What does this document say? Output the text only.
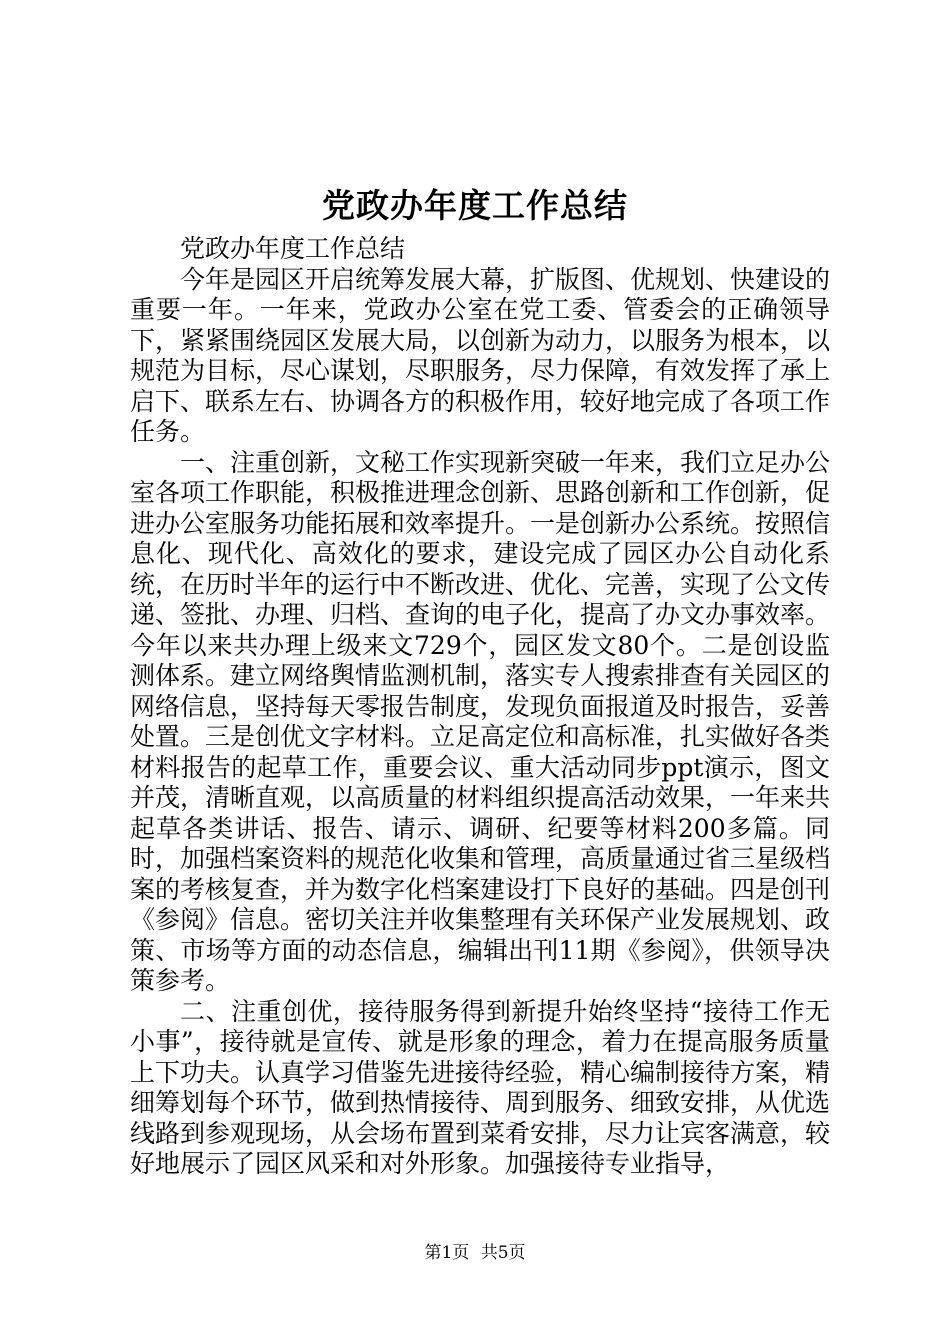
党政办年度工作总结

党政办年度工作总结

今年是园区开启统筹发展大幕，扩版图、优规划、快建设的重要一年。一年来，党政办公室在党工委、管委会的正确领导下，紧紧围绕园区发展大局，以创新为动力，以服务为根本，以规范为目标，尽心谋划，尽职服务，尽力保障，有效发挥了承上启下、联系左右、协调各方的积极作用，较好地完成了各项工作任务。

一、注重创新，文秘工作实现新突破一年来，我们立足办公室各项工作职能，积极推进理念创新、思路创新和工作创新，促进办公室服务功能拓展和效率提升。一是创新办公系统。按照信息化、现代化、高效化的要求，建设完成了园区办公自动化系统，在历时半年的运行中不断改进、优化、完善，实现了公文传递、签批、办理、归档、查询的电子化，提高了办文办事效率。今年以来共办理上级来文729个，园区发文80个。二是创设监测体系。建立网络舆情监测机制，落实专人搜索排查有关园区的网络信息，坚持每天零报告制度，发现负面报道及时报告，妥善处置。三是创优文字材料。立足高定位和高标准，扎实做好各类材料报告的起草工作，重要会议、重大活动同步ppt演示，图文并茂，清晰直观，以高质量的材料组织提高活动效果，一年来共起草各类讲话、报告、请示、调研、纪要等材料200多篇。同时，加强档案资料的规范化收集和管理，高质量通过省三星级档案的考核复查，并为数字化档案建设打下良好的基础。四是创刊《参阅》信息。密切关注并收集整理有关环保产业发展规划、政策、市场等方面的动态信息，编辑出刊11期《参阅》，供领导决策参考。

二、注重创优，接待服务得到新提升始终坚持“接待工作无小事”，接待就是宣传、就是形象的理念，着力在提高服务质量上下功夫。认真学习借鉴先进接待经验，精心编制接待方案，精细筹划每个环节，做到热情接待、周到服务、细致安排，从优选线路到参观现场，从会场布置到菜肴安排，尽力让宾客满意，较好地展示了园区风采和对外形象。加强接待专业指导，

第1页 共5页
